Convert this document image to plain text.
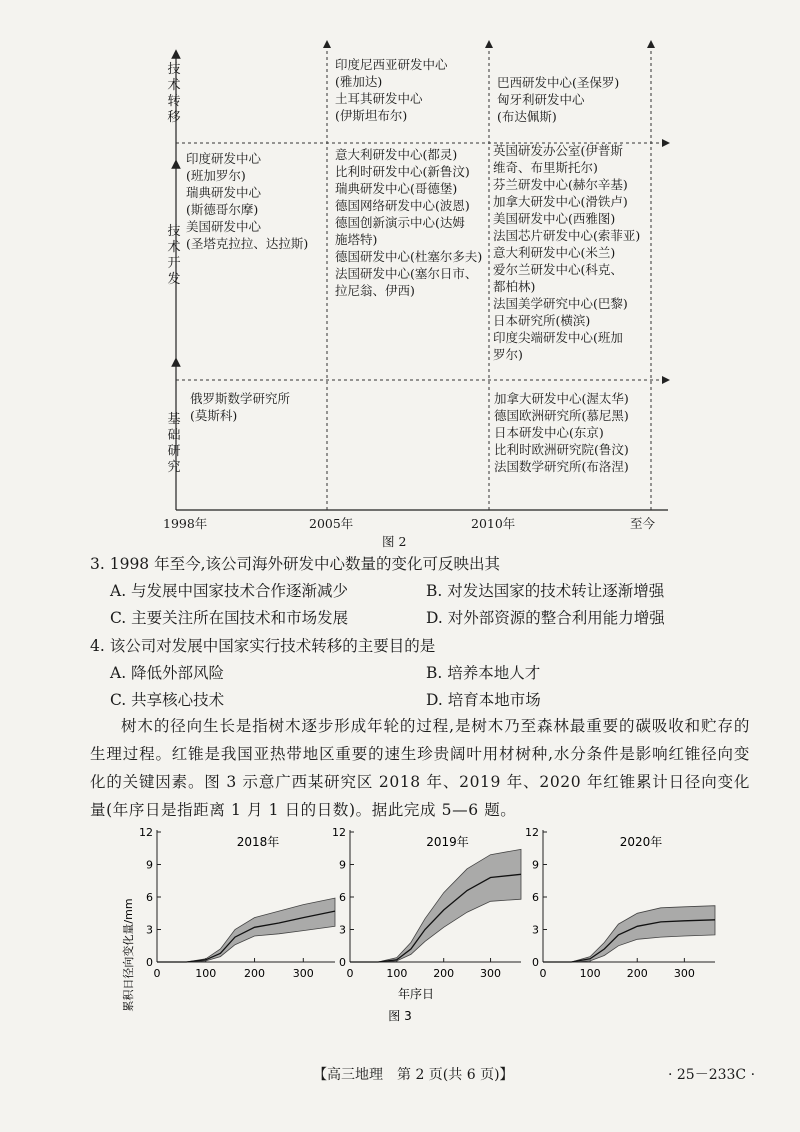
技术转移
技术开发
基础研究
印度尼西亚研发中心
(雅加达)
土耳其研发中心
(伊斯坦布尔)
巴西研发中心(圣保罗)
匈牙利研发中心
(布达佩斯)
印度研发中心
(班加罗尔)
瑞典研发中心
(斯德哥尔摩)
美国研发中心
(圣塔克拉拉、达拉斯)
意大利研发中心(都灵)
比利时研发中心(新鲁汶)
瑞典研发中心(哥德堡)
德国网络研发中心(波恩)
德国创新演示中心(达姆
施塔特)
德国研发中心(杜塞尔多夫)
法国研发中心(塞尔日市、
拉尼翁、伊西)
英国研发办公室(伊普斯
维奇、布里斯托尔)
芬兰研发中心(赫尔辛基)
加拿大研发中心(滑铁卢)
美国研发中心(西雅图)
法国芯片研发中心(索菲亚)
意大利研发中心(米兰)
爱尔兰研发中心(科克、
都柏林)
法国美学研究中心(巴黎)
日本研究所(横滨)
印度尖端研发中心(班加
罗尔)
俄罗斯数学研究所
(莫斯科)
加拿大研发中心(渥太华)
德国欧洲研究所(慕尼黑)
日本研发中心(东京)
比利时欧洲研究院(鲁汶)
法国数学研究所(布洛涅)
1998年	2005年	2010年	至今
图 2
3. 1998 年至今,该公司海外研发中心数量的变化可反映出其
A. 与发展中国家技术合作逐渐减少	B. 对发达国家的技术转让逐渐增强
C. 主要关注所在国技术和市场发展	D. 对外部资源的整合利用能力增强
4. 该公司对发展中国家实行技术转移的主要目的是
A. 降低外部风险	B. 培养本地人才
C. 共享核心技术	D. 培育本地市场
树木的径向生长是指树木逐步形成年轮的过程,是树木乃至森林最重要的碳吸收和贮存的生理过程。红锥是我国亚热带地区重要的速生珍贵阔叶用材树种,水分条件是影响红锥径向变化的关键因素。图 3 示意广西某研究区 2018 年、2019 年、2020 年红锥累计日径向变化量(年序日是指距离 1 月 1 日的日数)。据此完成 5—6 题。
累积日径向变化量/mm	年序日
图 3
0
3
6
9
12
0	100	200	300
2018年
0
3
6
9
12
0	100 200 300
2019年
0
3
6
9
12
0	100 200 300
2020年
【高三地理　第 2 页(共 6 页)】	· 25－233C ·
